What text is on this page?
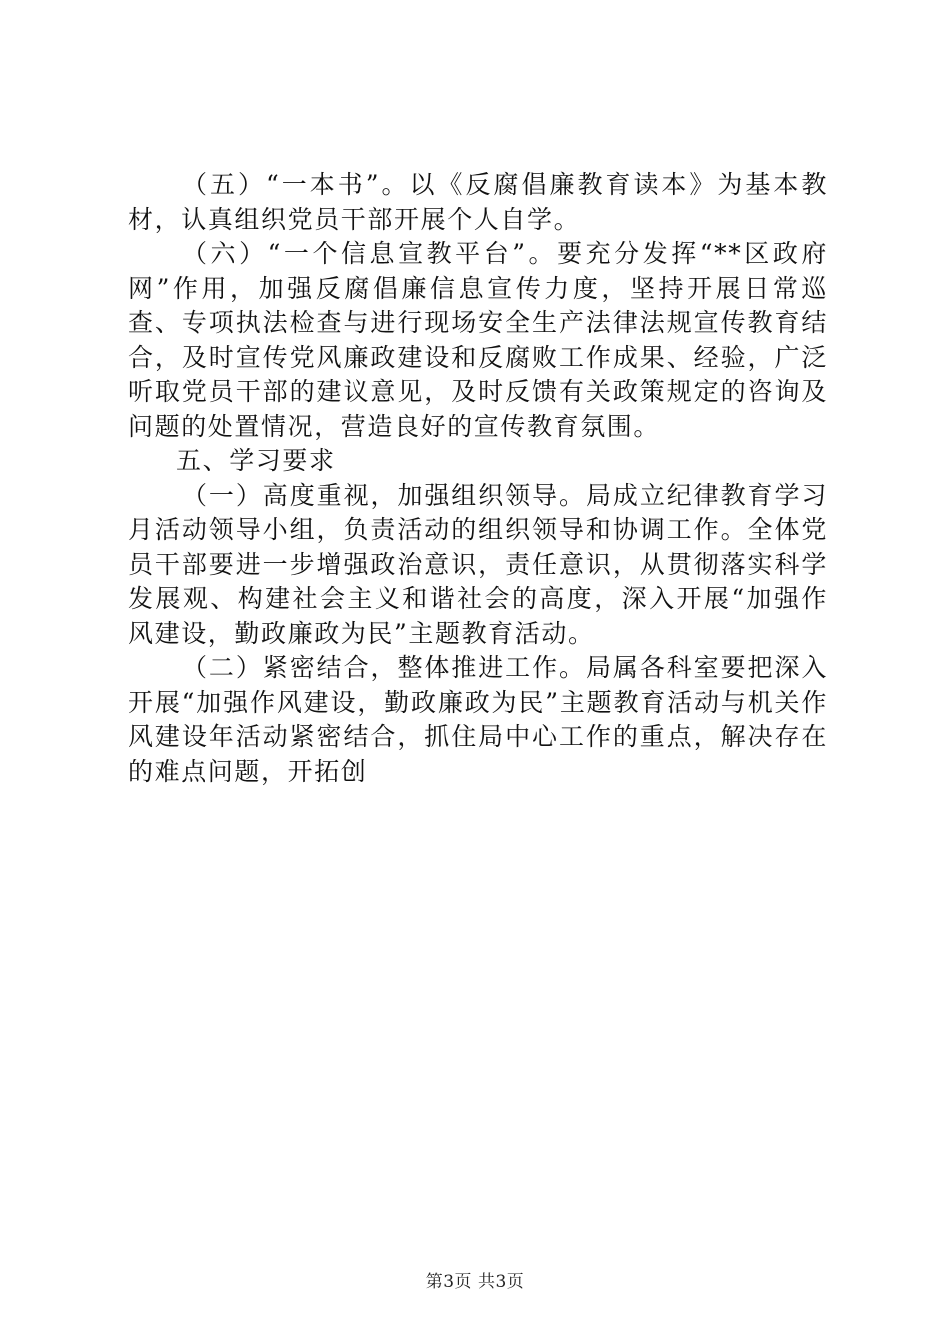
（五）“一本书”。以《反腐倡廉教育读本》为基本教材，认真组织党员干部开展个人自学。

（六）“一个信息宣教平台”。要充分发挥“**区政府网”作用，加强反腐倡廉信息宣传力度，坚持开展日常巡查、专项执法检查与进行现场安全生产法律法规宣传教育结合，及时宣传党风廉政建设和反腐败工作成果、经验，广泛听取党员干部的建议意见，及时反馈有关政策规定的咨询及问题的处置情况，营造良好的宣传教育氛围。

五、学习要求

（一）高度重视，加强组织领导。局成立纪律教育学习月活动领导小组，负责活动的组织领导和协调工作。全体党员干部要进一步增强政治意识，责任意识，从贯彻落实科学发展观、构建社会主义和谐社会的高度，深入开展“加强作风建设，勤政廉政为民”主题教育活动。

（二）紧密结合，整体推进工作。局属各科室要把深入开展“加强作风建设，勤政廉政为民”主题教育活动与机关作风建设年活动紧密结合，抓住局中心工作的重点，解决存在的难点问题，开拓创

第3页 共3页
